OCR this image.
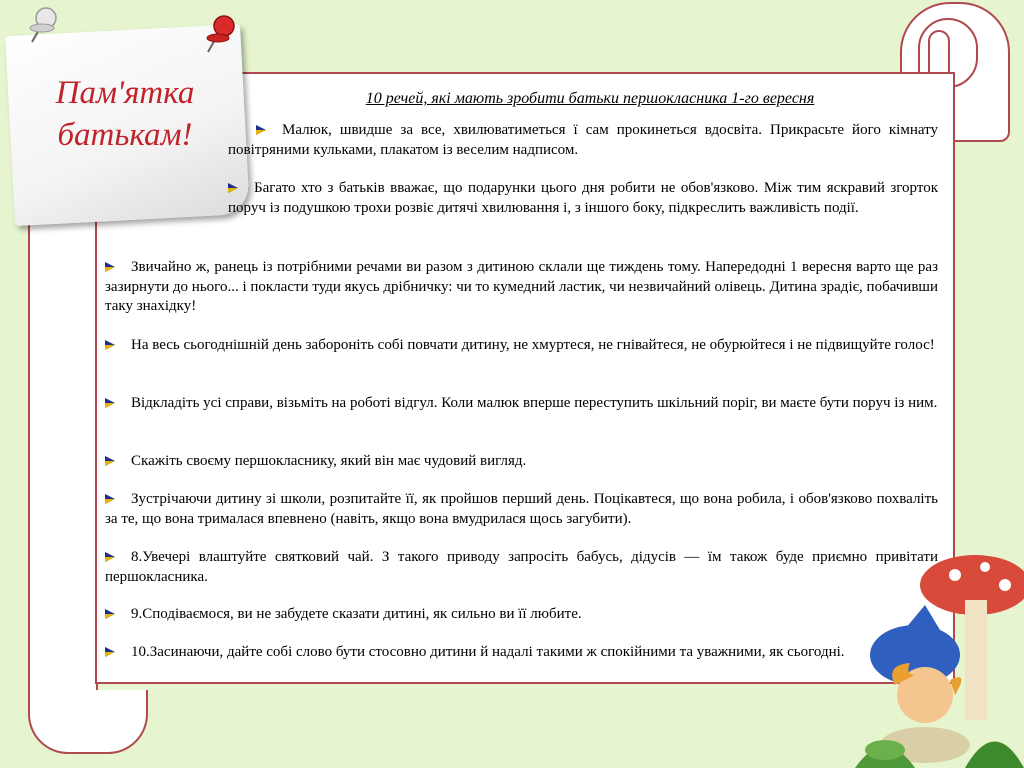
Пам'ятка
батькам!
10 речей, які мають зробити батьки першокласника 1-го вересня

Малюк, швидше за все, хвилюватиметься ї сам прокинеться вдосвіта. Прикрасьте його кімнату повітряними кульками, плакатом із веселим надписом.

Багато хто з батьків вважає, що подарунки цього дня робити не обов'язково. Між тим яскравий згорток поруч із подушкою трохи розвіє дитячі хвилювання і, з іншого боку, підкреслить важливість події.

Звичайно ж, ранець із потрібними речами ви разом з дитиною склали ще тиждень тому. Напередодні 1 вересня варто ще раз зазирнути до нього... і покласти туди якусь дрібничку: чи то кумедний ластик, чи незвичайний олівець. Дитина зрадіє, побачивши таку знахідку!

На весь сьогоднішній день забороніть собі повчати дитину, не хмуртеся, не гнівайтеся, не обурюйтеся і не підвищуйте голос!

Відкладіть усі справи, візьміть на роботі відгул. Коли малюк вперше переступить шкільний поріг, ви маєте бути поруч із ним.

Скажіть своєму першокласнику, який він має чудовий вигляд.

Зустрічаючи дитину зі школи, розпитайте її, як пройшов перший день. Поцікавтеся, що вона робила, і обов'язково похваліть за те, що вона трималася впевнено (навіть, якщо вона вмудрилася щось загубити).

8.Увечері влаштуйте святковий чай. З такого приводу запросіть бабусь, дідусів — їм також буде приємно привітати першокласника.

9.Сподіваємося, ви не забудете сказати дитині, як сильно ви її любите.

10.Засинаючи, дайте собі слово бути стосовно дитини й надалі такими ж спокійними та уважними, як сьогодні.
